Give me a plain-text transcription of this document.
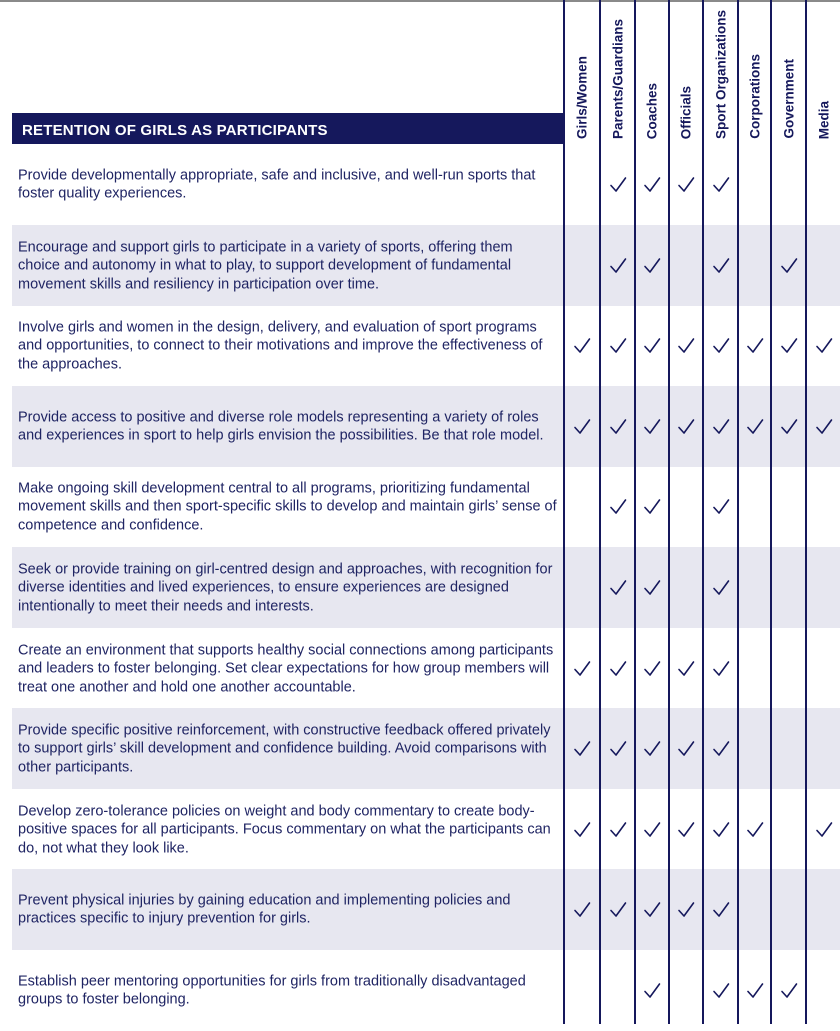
RETENTION OF GIRLS AS PARTICIPANTS	Girls/Women Parents/Guardians Coaches Officials Sport Organizations Corporations Government Media
Provide developmentally appropriate, safe and inclusive, and well-run sports that foster quality experiences.
Encourage and support girls to participate in a variety of sports, offering them choice and autonomy in what to play, to support development of fundamental movement skills and resiliency in participation over time.
Involve girls and women in the design, delivery, and evaluation of sport programs and opportunities, to connect to their motivations and improve the effectiveness of the approaches.
Provide access to positive and diverse role models representing a variety of roles and experiences in sport to help girls envision the possibilities. Be that role model.
Make ongoing skill development central to all programs, prioritizing fundamental movement skills and then sport-specific skills to develop and maintain girls’ sense of competence and confidence.
Seek or provide training on girl-centred design and approaches, with recognition for diverse identities and lived experiences, to ensure experiences are designed intentionally to meet their needs and interests.
Create an environment that supports healthy social connections among participants and leaders to foster belonging. Set clear expectations for how group members will treat one another and hold one another accountable.
Provide specific positive reinforcement, with constructive feedback offered privately to support girls’ skill development and confidence building. Avoid comparisons with other participants.
Develop zero-tolerance policies on weight and body commentary to create body-positive spaces for all participants. Focus commentary on what the participants can do, not what they look like.
Prevent physical injuries by gaining education and implementing policies and practices specific to injury prevention for girls.
Establish peer mentoring opportunities for girls from traditionally disadvantaged groups to foster belonging.
